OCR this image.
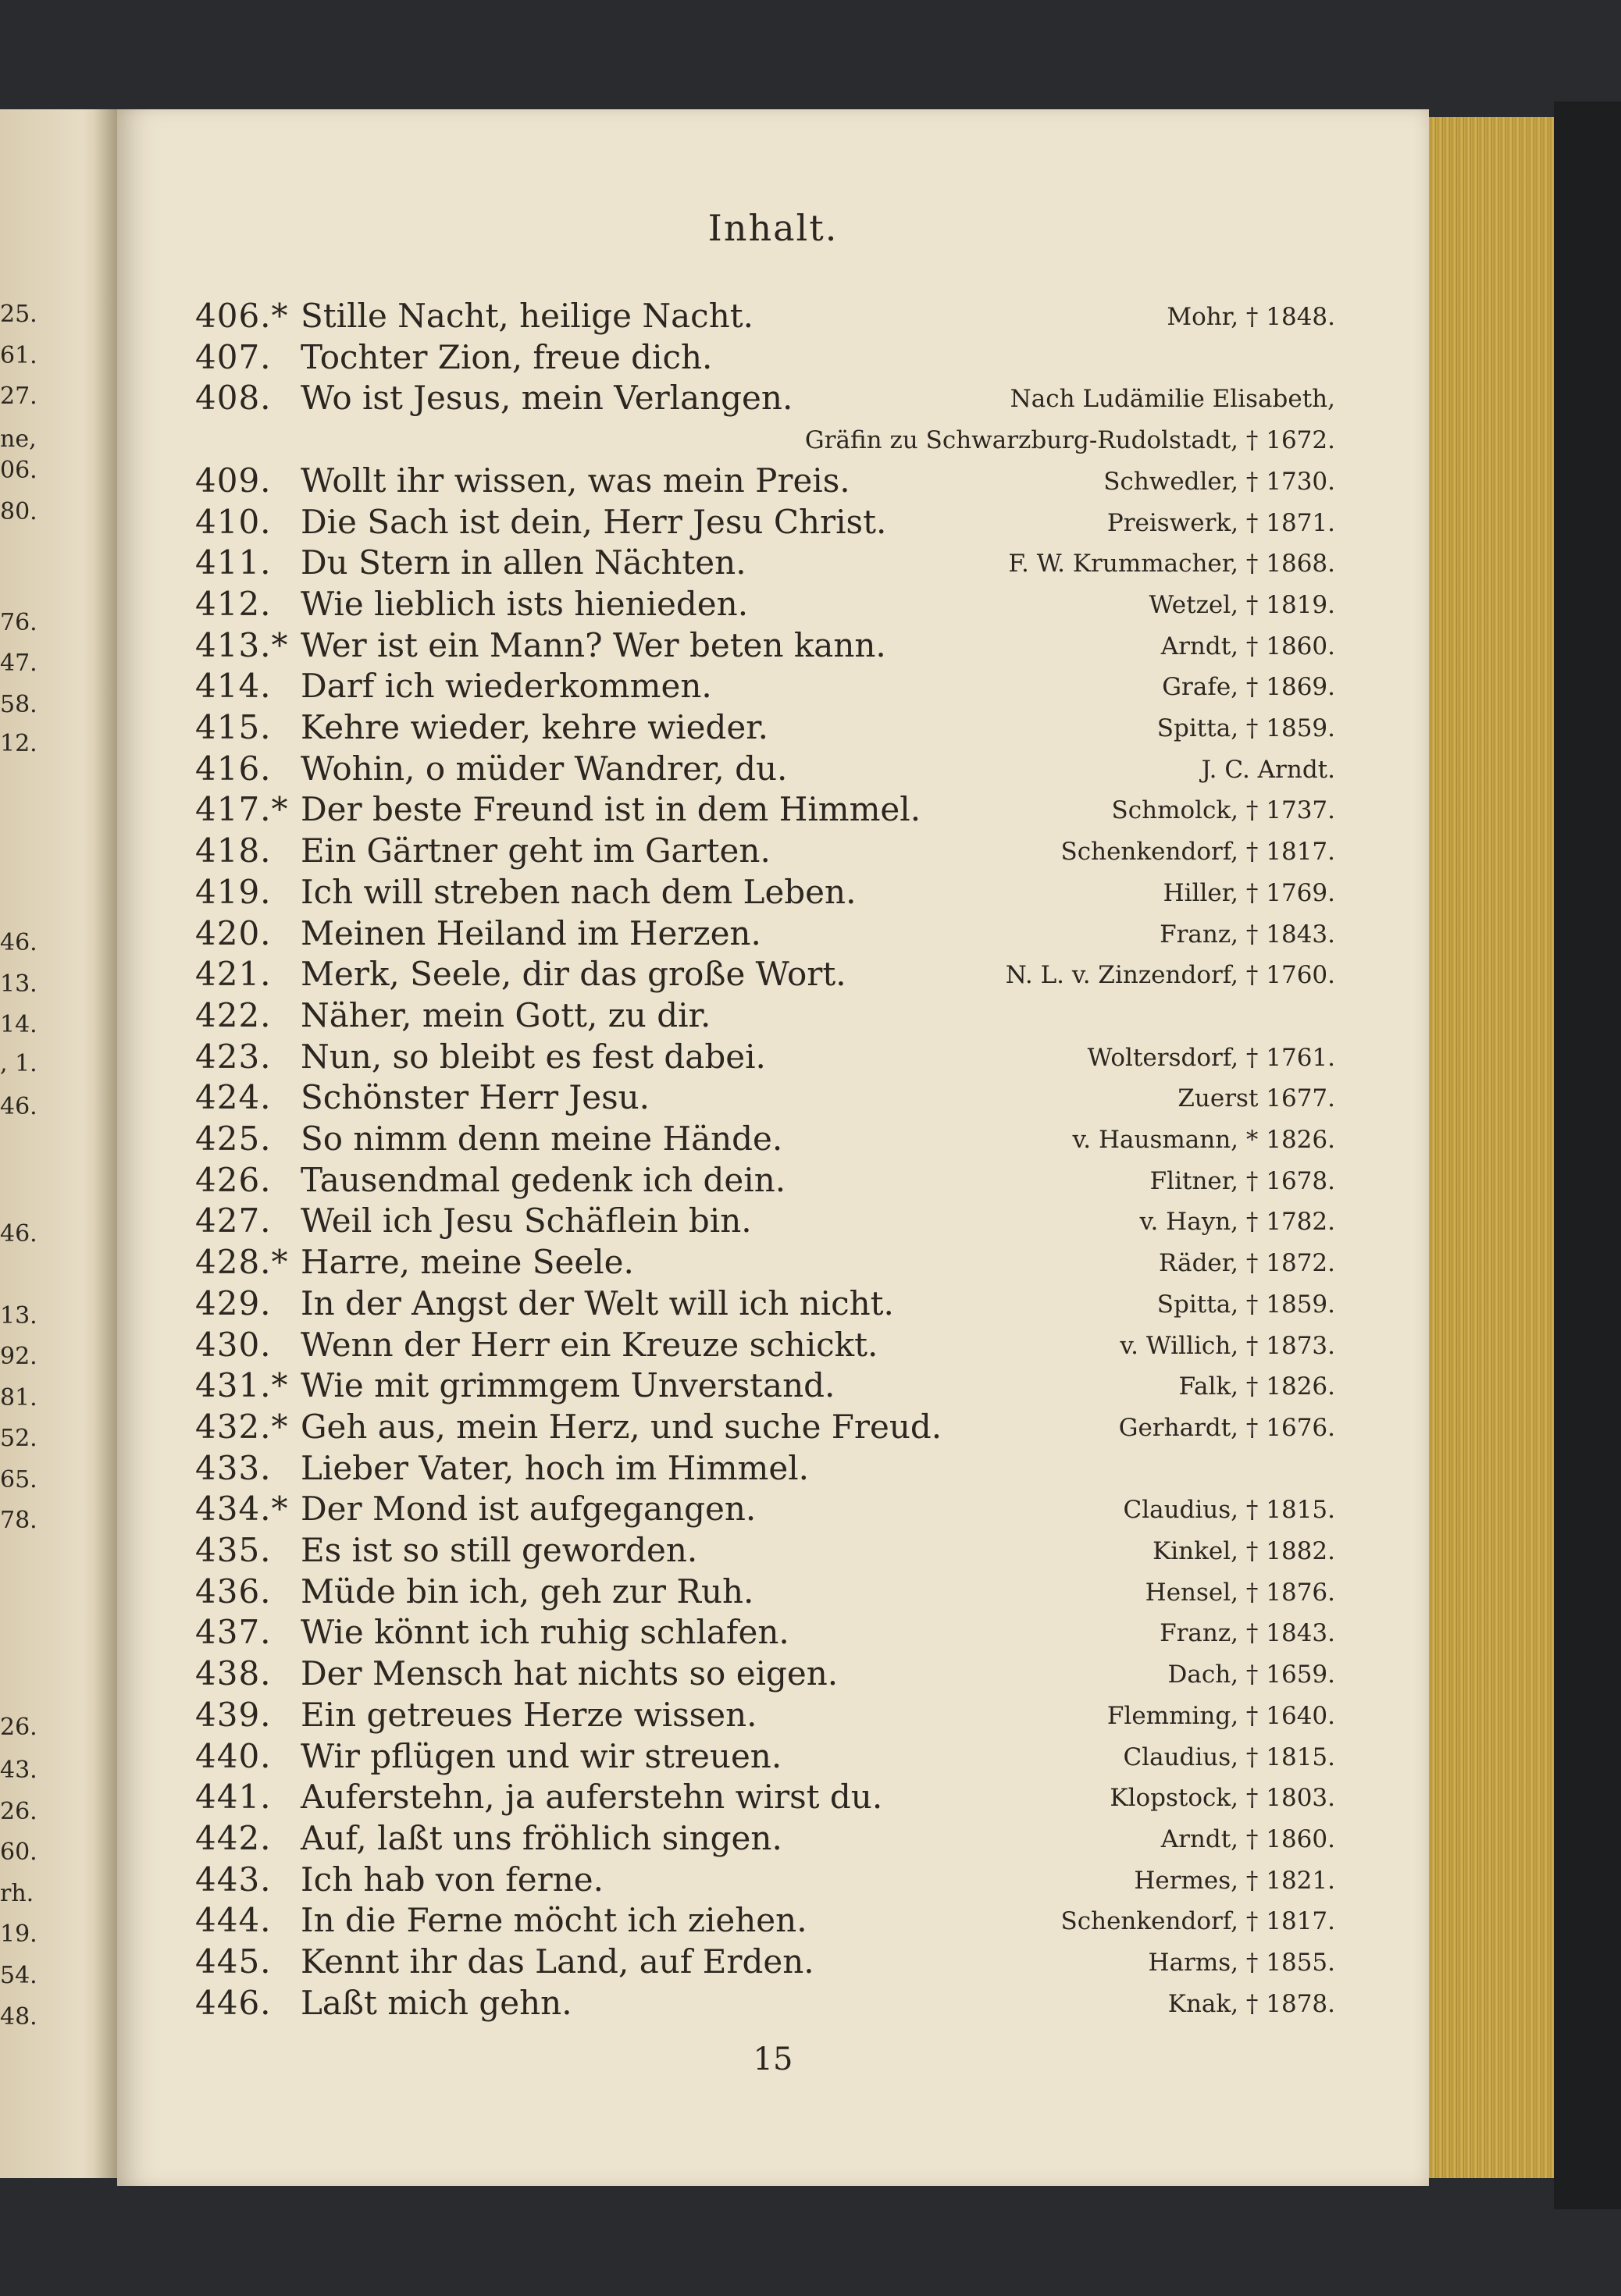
25.
61.
27.
ne,
06.
80.
76.
47.
58.
12.
46.
13.
14.
, 1.
46.
46.
13.
92.
81.
52.
65.
78.
26.
43.
26.
60.
rh.
19.
54.
48.
Inhalt.
406.* Stille Nacht, heilige Nacht.	Mohr, † 1848.
407. Tochter Zion, freue dich.
408. Wo ist Jesus, mein Verlangen.	Nach Ludämilie Elisabeth,
Gräfin zu Schwarzburg-Rudolstadt, † 1672.
409. Wollt ihr wissen, was mein Preis.	Schwedler, † 1730.
410. Die Sach ist dein, Herr Jesu Christ.	Preiswerk, † 1871.
411. Du Stern in allen Nächten.	F. W. Krummacher, † 1868.
412. Wie lieblich ists hienieden.	Wetzel, † 1819.
413.* Wer ist ein Mann? Wer beten kann.	Arndt, † 1860.
414. Darf ich wiederkommen.	Grafe, † 1869.
415. Kehre wieder, kehre wieder.	Spitta, † 1859.
416. Wohin, o müder Wandrer, du.	J. C. Arndt.
417.* Der beste Freund ist in dem Himmel.	Schmolck, † 1737.
418. Ein Gärtner geht im Garten.	Schenkendorf, † 1817.
419. Ich will streben nach dem Leben.	Hiller, † 1769.
420. Meinen Heiland im Herzen.	Franz, † 1843.
421. Merk, Seele, dir das große Wort.	N. L. v. Zinzendorf, † 1760.
422. Näher, mein Gott, zu dir.
423. Nun, so bleibt es fest dabei.	Woltersdorf, † 1761.
424. Schönster Herr Jesu.	Zuerst 1677.
425. So nimm denn meine Hände.	v. Hausmann, * 1826.
426. Tausendmal gedenk ich dein.	Flitner, † 1678.
427. Weil ich Jesu Schäflein bin.	v. Hayn, † 1782.
428.* Harre, meine Seele.	Räder, † 1872.
429. In der Angst der Welt will ich nicht.	Spitta, † 1859.
430. Wenn der Herr ein Kreuze schickt.	v. Willich, † 1873.
431.* Wie mit grimmgem Unverstand.	Falk, † 1826.
432.* Geh aus, mein Herz, und suche Freud.	Gerhardt, † 1676.
433. Lieber Vater, hoch im Himmel.
434.* Der Mond ist aufgegangen.	Claudius, † 1815.
435. Es ist so still geworden.	Kinkel, † 1882.
436. Müde bin ich, geh zur Ruh.	Hensel, † 1876.
437. Wie könnt ich ruhig schlafen.	Franz, † 1843.
438. Der Mensch hat nichts so eigen.	Dach, † 1659.
439. Ein getreues Herze wissen.	Flemming, † 1640.
440. Wir pflügen und wir streuen.	Claudius, † 1815.
441. Auferstehn, ja auferstehn wirst du.	Klopstock, † 1803.
442. Auf, laßt uns fröhlich singen.	Arndt, † 1860.
443. Ich hab von ferne.	Hermes, † 1821.
444. In die Ferne möcht ich ziehen.	Schenkendorf, † 1817.
445. Kennt ihr das Land, auf Erden.	Harms, † 1855.
446. Laßt mich gehn.	Knak, † 1878.
15
